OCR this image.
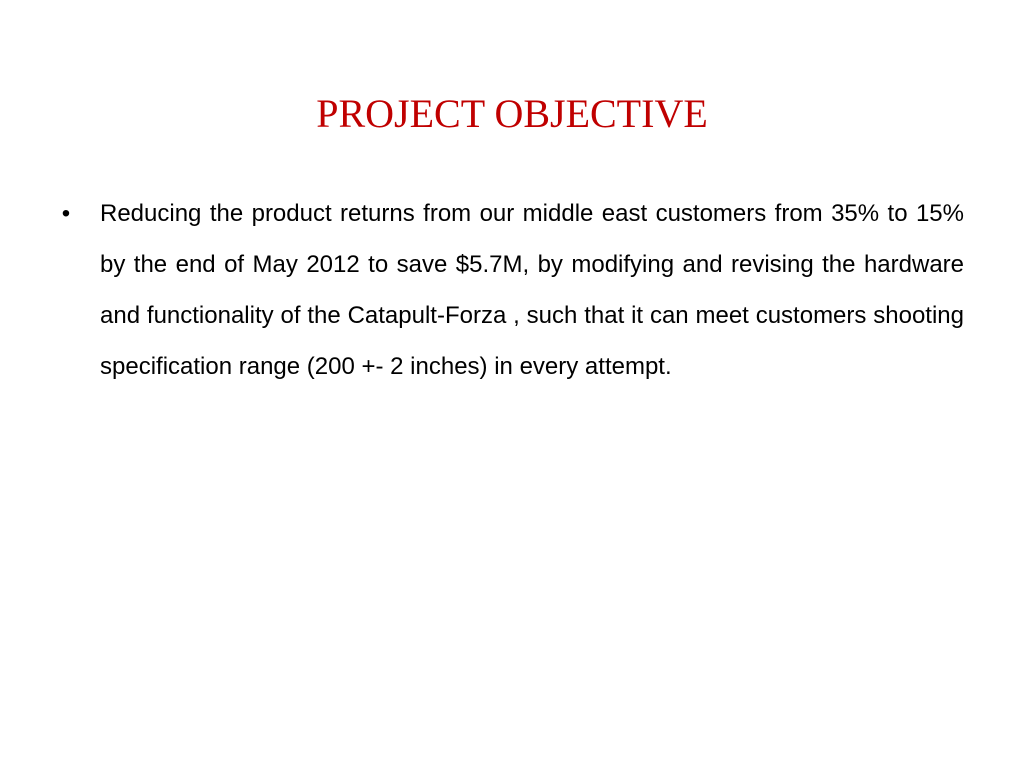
PROJECT OBJECTIVE
• Reducing the product returns from our middle east customers from 35% to 15% by the end of May 2012 to save $5.7M, by modifying and revising the hardware and functionality of the Catapult-Forza , such that it can meet customers shooting specification range (200 +- 2 inches) in every attempt.
